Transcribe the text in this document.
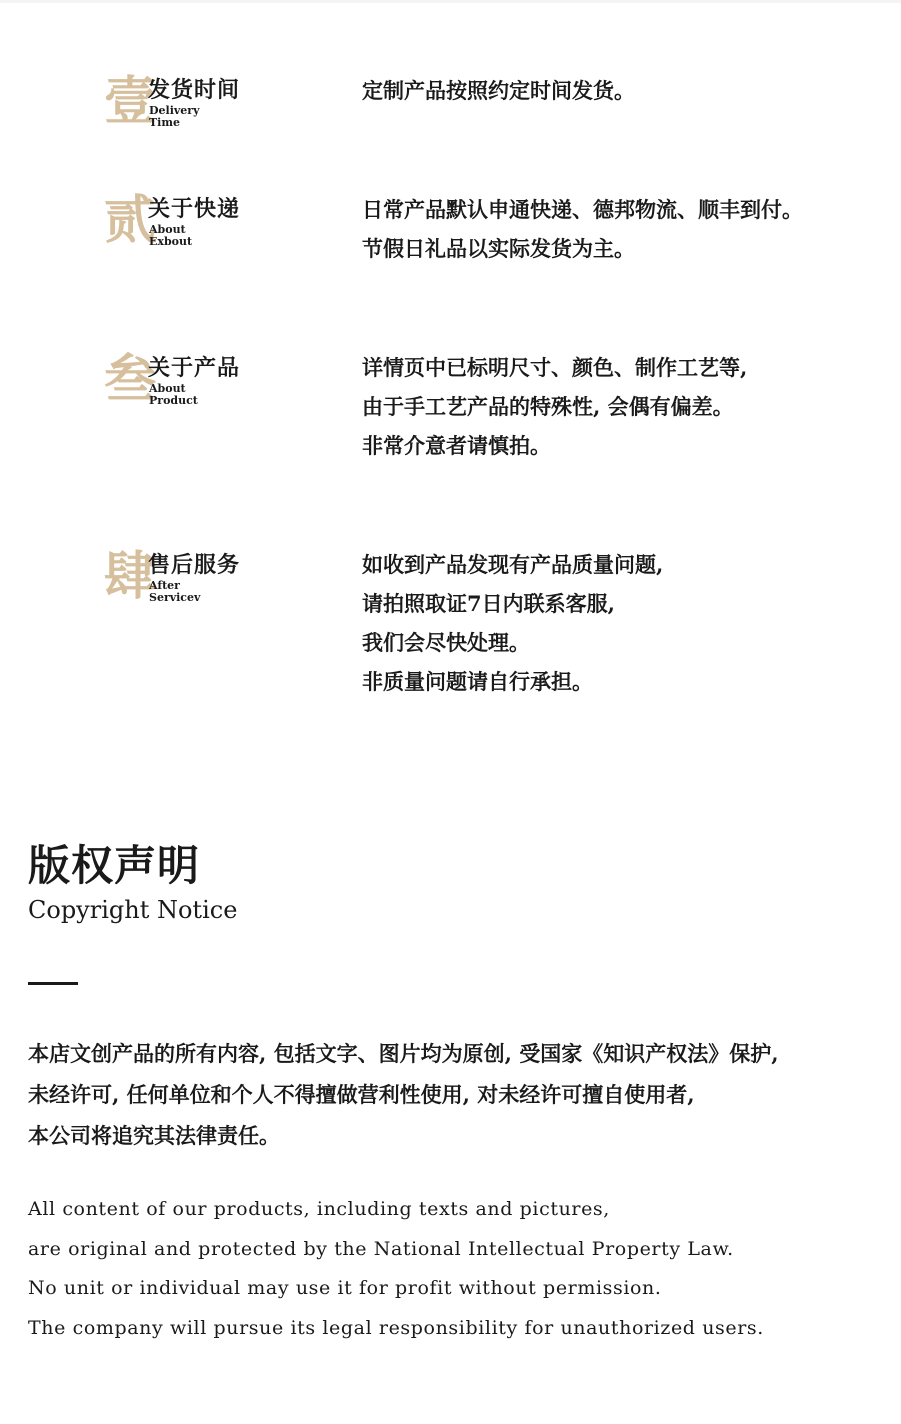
壹
发货时间
Delivery
Time
定制产品按照约定时间发货。
贰
关于快递
About
Exbout
日常产品默认申通快递、德邦物流、顺丰到付。
节假日礼品以实际发货为主。
叁
关于产品
About
Product
详情页中已标明尺寸、颜色、制作工艺等,
由于手工艺产品的特殊性, 会偶有偏差。
非常介意者请慎拍。
肆
售后服务
After
Servicev
如收到产品发现有产品质量问题,
请拍照取证7日内联系客服,
我们会尽快处理。
非质量问题请自行承担。
版权声明
Copyright Notice
本店文创产品的所有内容, 包括文字、图片均为原创, 受国家《知识产权法》保护,
未经许可, 任何单位和个人不得擅做营利性使用, 对未经许可擅自使用者,
本公司将追究其法律责任。
All content of our products, including texts and pictures,
are original and protected by the National Intellectual Property Law.
No unit or individual may use it for profit without permission.
The company will pursue its legal responsibility for unauthorized users.
